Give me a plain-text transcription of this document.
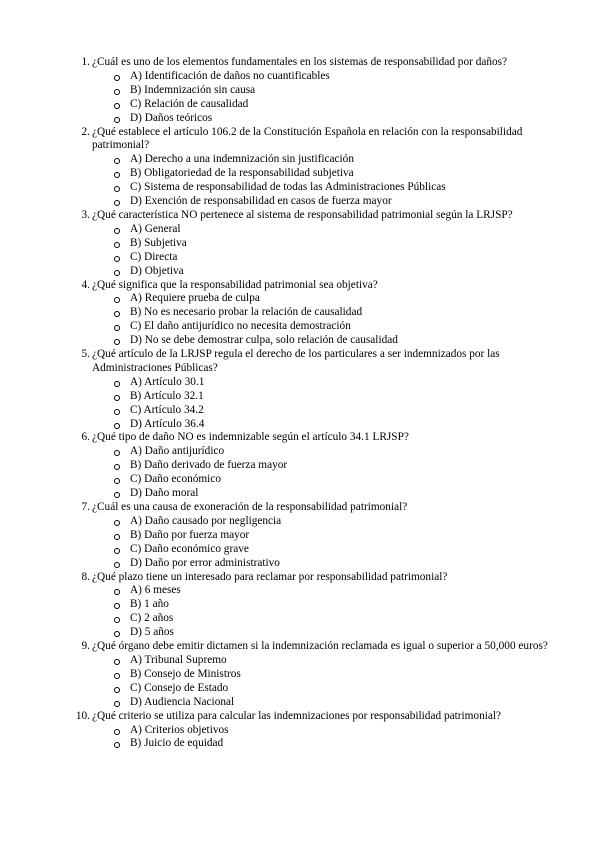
1. ¿Cuál es uno de los elementos fundamentales en los sistemas de responsabilidad por daños?
A) Identificación de daños no cuantificables
B) Indemnización sin causa
C) Relación de causalidad
D) Daños teóricos
2. ¿Qué establece el artículo 106.2 de la Constitución Española en relación con la responsabilidad patrimonial?
A) Derecho a una indemnización sin justificación
B) Obligatoriedad de la responsabilidad subjetiva
C) Sistema de responsabilidad de todas las Administraciones Públicas
D) Exención de responsabilidad en casos de fuerza mayor
3. ¿Qué característica NO pertenece al sistema de responsabilidad patrimonial según la LRJSP?
A) General
B) Subjetiva
C) Directa
D) Objetiva
4. ¿Qué significa que la responsabilidad patrimonial sea objetiva?
A) Requiere prueba de culpa
B) No es necesario probar la relación de causalidad
C) El daño antijurídico no necesita demostración
D) No se debe demostrar culpa, solo relación de causalidad
5. ¿Qué artículo de la LRJSP regula el derecho de los particulares a ser indemnizados por las Administraciones Públicas?
A) Artículo 30.1
B) Artículo 32.1
C) Artículo 34.2
D) Artículo 36.4
6. ¿Qué tipo de daño NO es indemnizable según el artículo 34.1 LRJSP?
A) Daño antijurídico
B) Daño derivado de fuerza mayor
C) Daño económico
D) Daño moral
7. ¿Cuál es una causa de exoneración de la responsabilidad patrimonial?
A) Daño causado por negligencia
B) Daño por fuerza mayor
C) Daño económico grave
D) Daño por error administrativo
8. ¿Qué plazo tiene un interesado para reclamar por responsabilidad patrimonial?
A) 6 meses
B) 1 año
C) 2 años
D) 5 años
9. ¿Qué órgano debe emitir dictamen si la indemnización reclamada es igual o superior a 50,000 euros?
A) Tribunal Supremo
B) Consejo de Ministros
C) Consejo de Estado
D) Audiencia Nacional
10. ¿Qué criterio se utiliza para calcular las indemnizaciones por responsabilidad patrimonial?
A) Criterios objetivos
B) Juicio de equidad
